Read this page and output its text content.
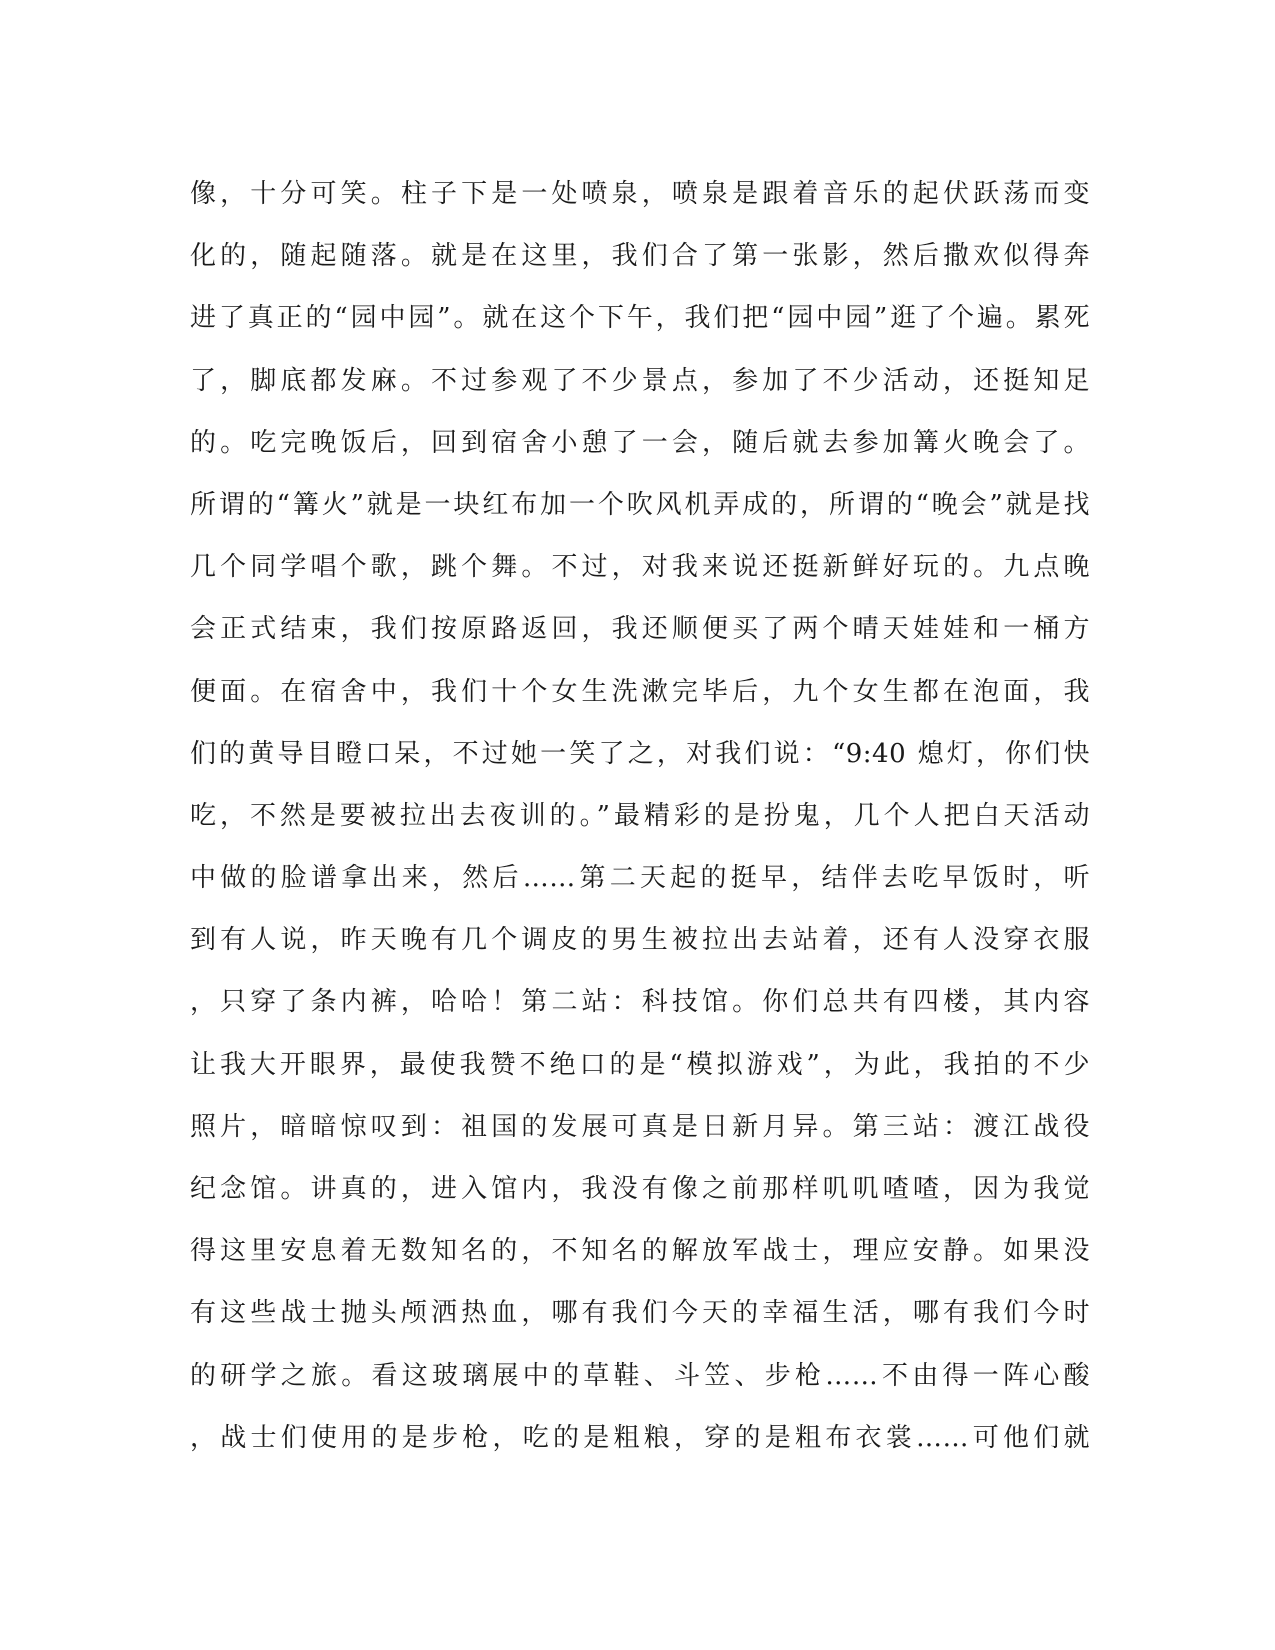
像，十分可笑。柱子下是一处喷泉，喷泉是跟着音乐的起伏跃荡而变
化的，随起随落。就是在这里，我们合了第一张影，然后撒欢似得奔
进了真正的“园中园”。就在这个下午，我们把“园中园”逛了个遍。累死
了，脚底都发麻。不过参观了不少景点，参加了不少活动，还挺知足
的。吃完晚饭后，回到宿舍小憩了一会，随后就去参加篝火晚会了。
所谓的“篝火”就是一块红布加一个吹风机弄成的，所谓的“晚会”就是找
几个同学唱个歌，跳个舞。不过，对我来说还挺新鲜好玩的。九点晚
会正式结束，我们按原路返回，我还顺便买了两个晴天娃娃和一桶方
便面。在宿舍中，我们十个女生洗漱完毕后，九个女生都在泡面，我
们的黄导目瞪口呆，不过她一笑了之，对我们说：“9:40 熄灯，你们快
吃，不然是要被拉出去夜训的。”最精彩的是扮鬼，几个人把白天活动
中做的脸谱拿出来，然后……第二天起的挺早，结伴去吃早饭时，听
到有人说，昨天晚有几个调皮的男生被拉出去站着，还有人没穿衣服
，只穿了条内裤，哈哈！第二站：科技馆。你们总共有四楼，其内容
让我大开眼界，最使我赞不绝口的是“模拟游戏”，为此，我拍的不少
照片，暗暗惊叹到：祖国的发展可真是日新月异。第三站：渡江战役
纪念馆。讲真的，进入馆内，我没有像之前那样叽叽喳喳，因为我觉
得这里安息着无数知名的，不知名的解放军战士，理应安静。如果没
有这些战士抛头颅洒热血，哪有我们今天的幸福生活，哪有我们今时
的研学之旅。看这玻璃展中的草鞋、斗笠、步枪……不由得一阵心酸
，战士们使用的是步枪，吃的是粗粮，穿的是粗布衣裳……可他们就
